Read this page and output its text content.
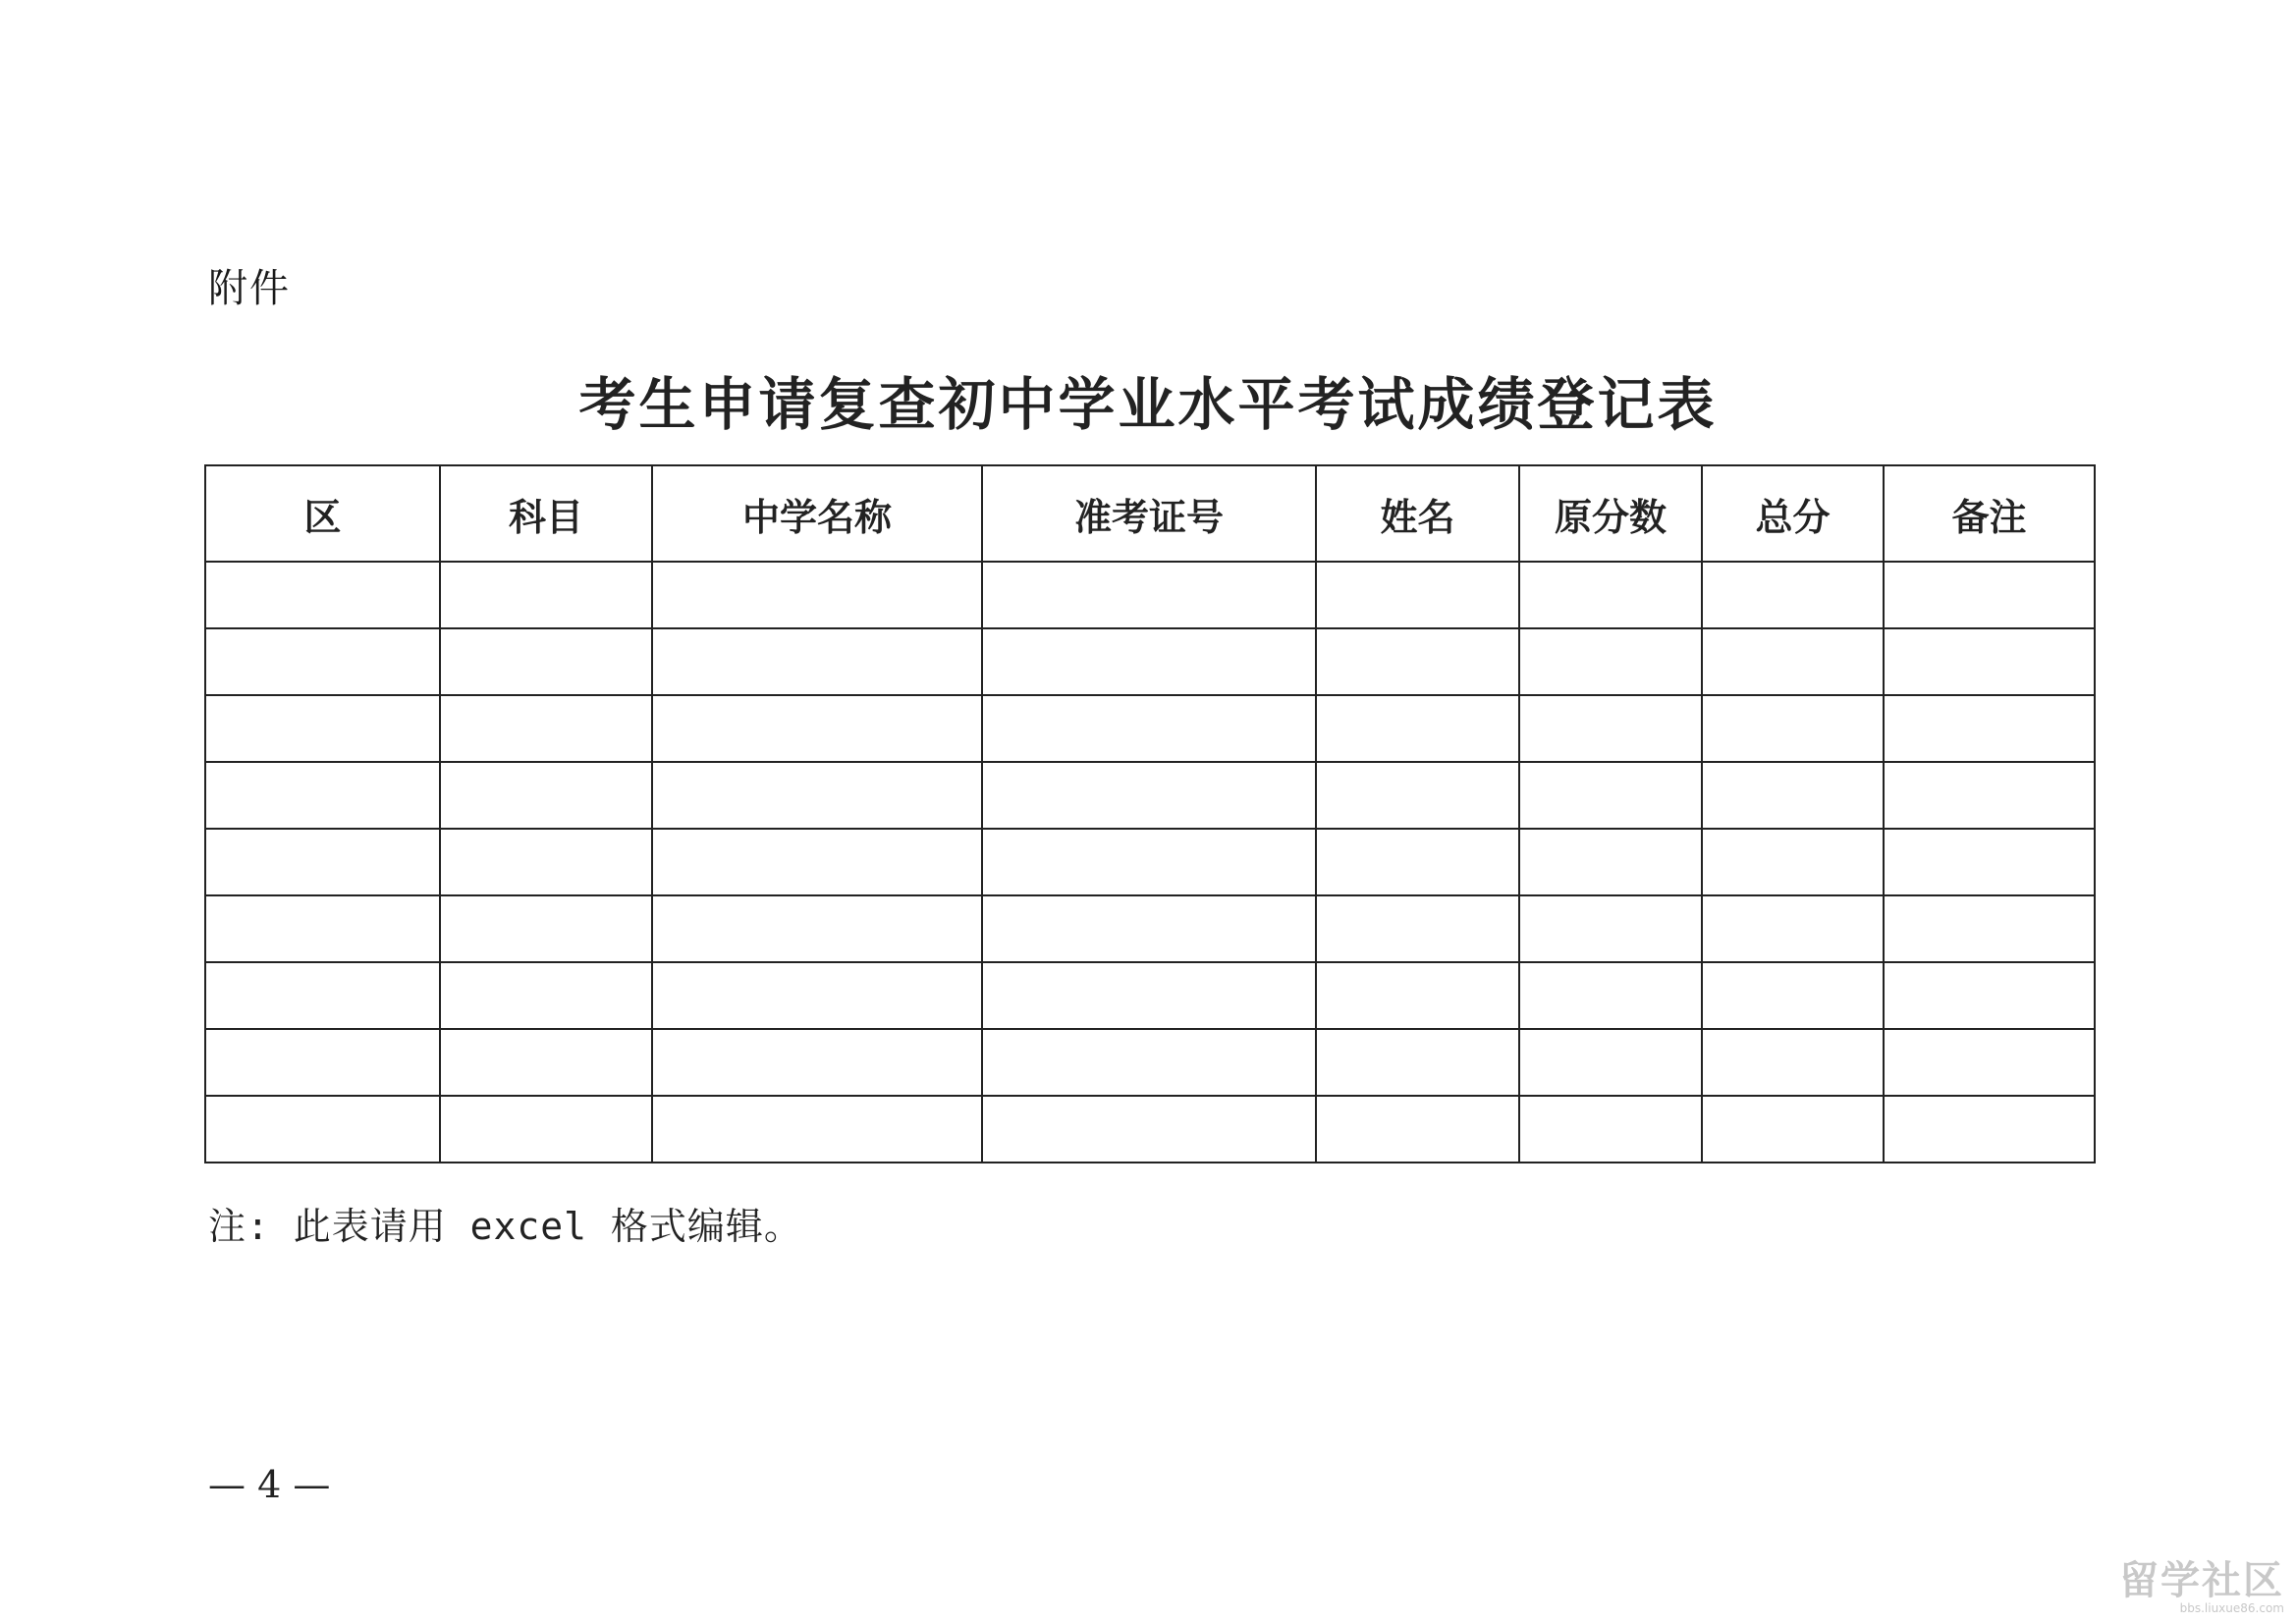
附件
考生申请复查初中学业水平考试成绩登记表
区	科目	中学名称	准考证号	姓名	原分数	总分	备注

注: 此表请用 excel 格式编辑。
— 4 —
留学社区
bbs.liuxue86.com
